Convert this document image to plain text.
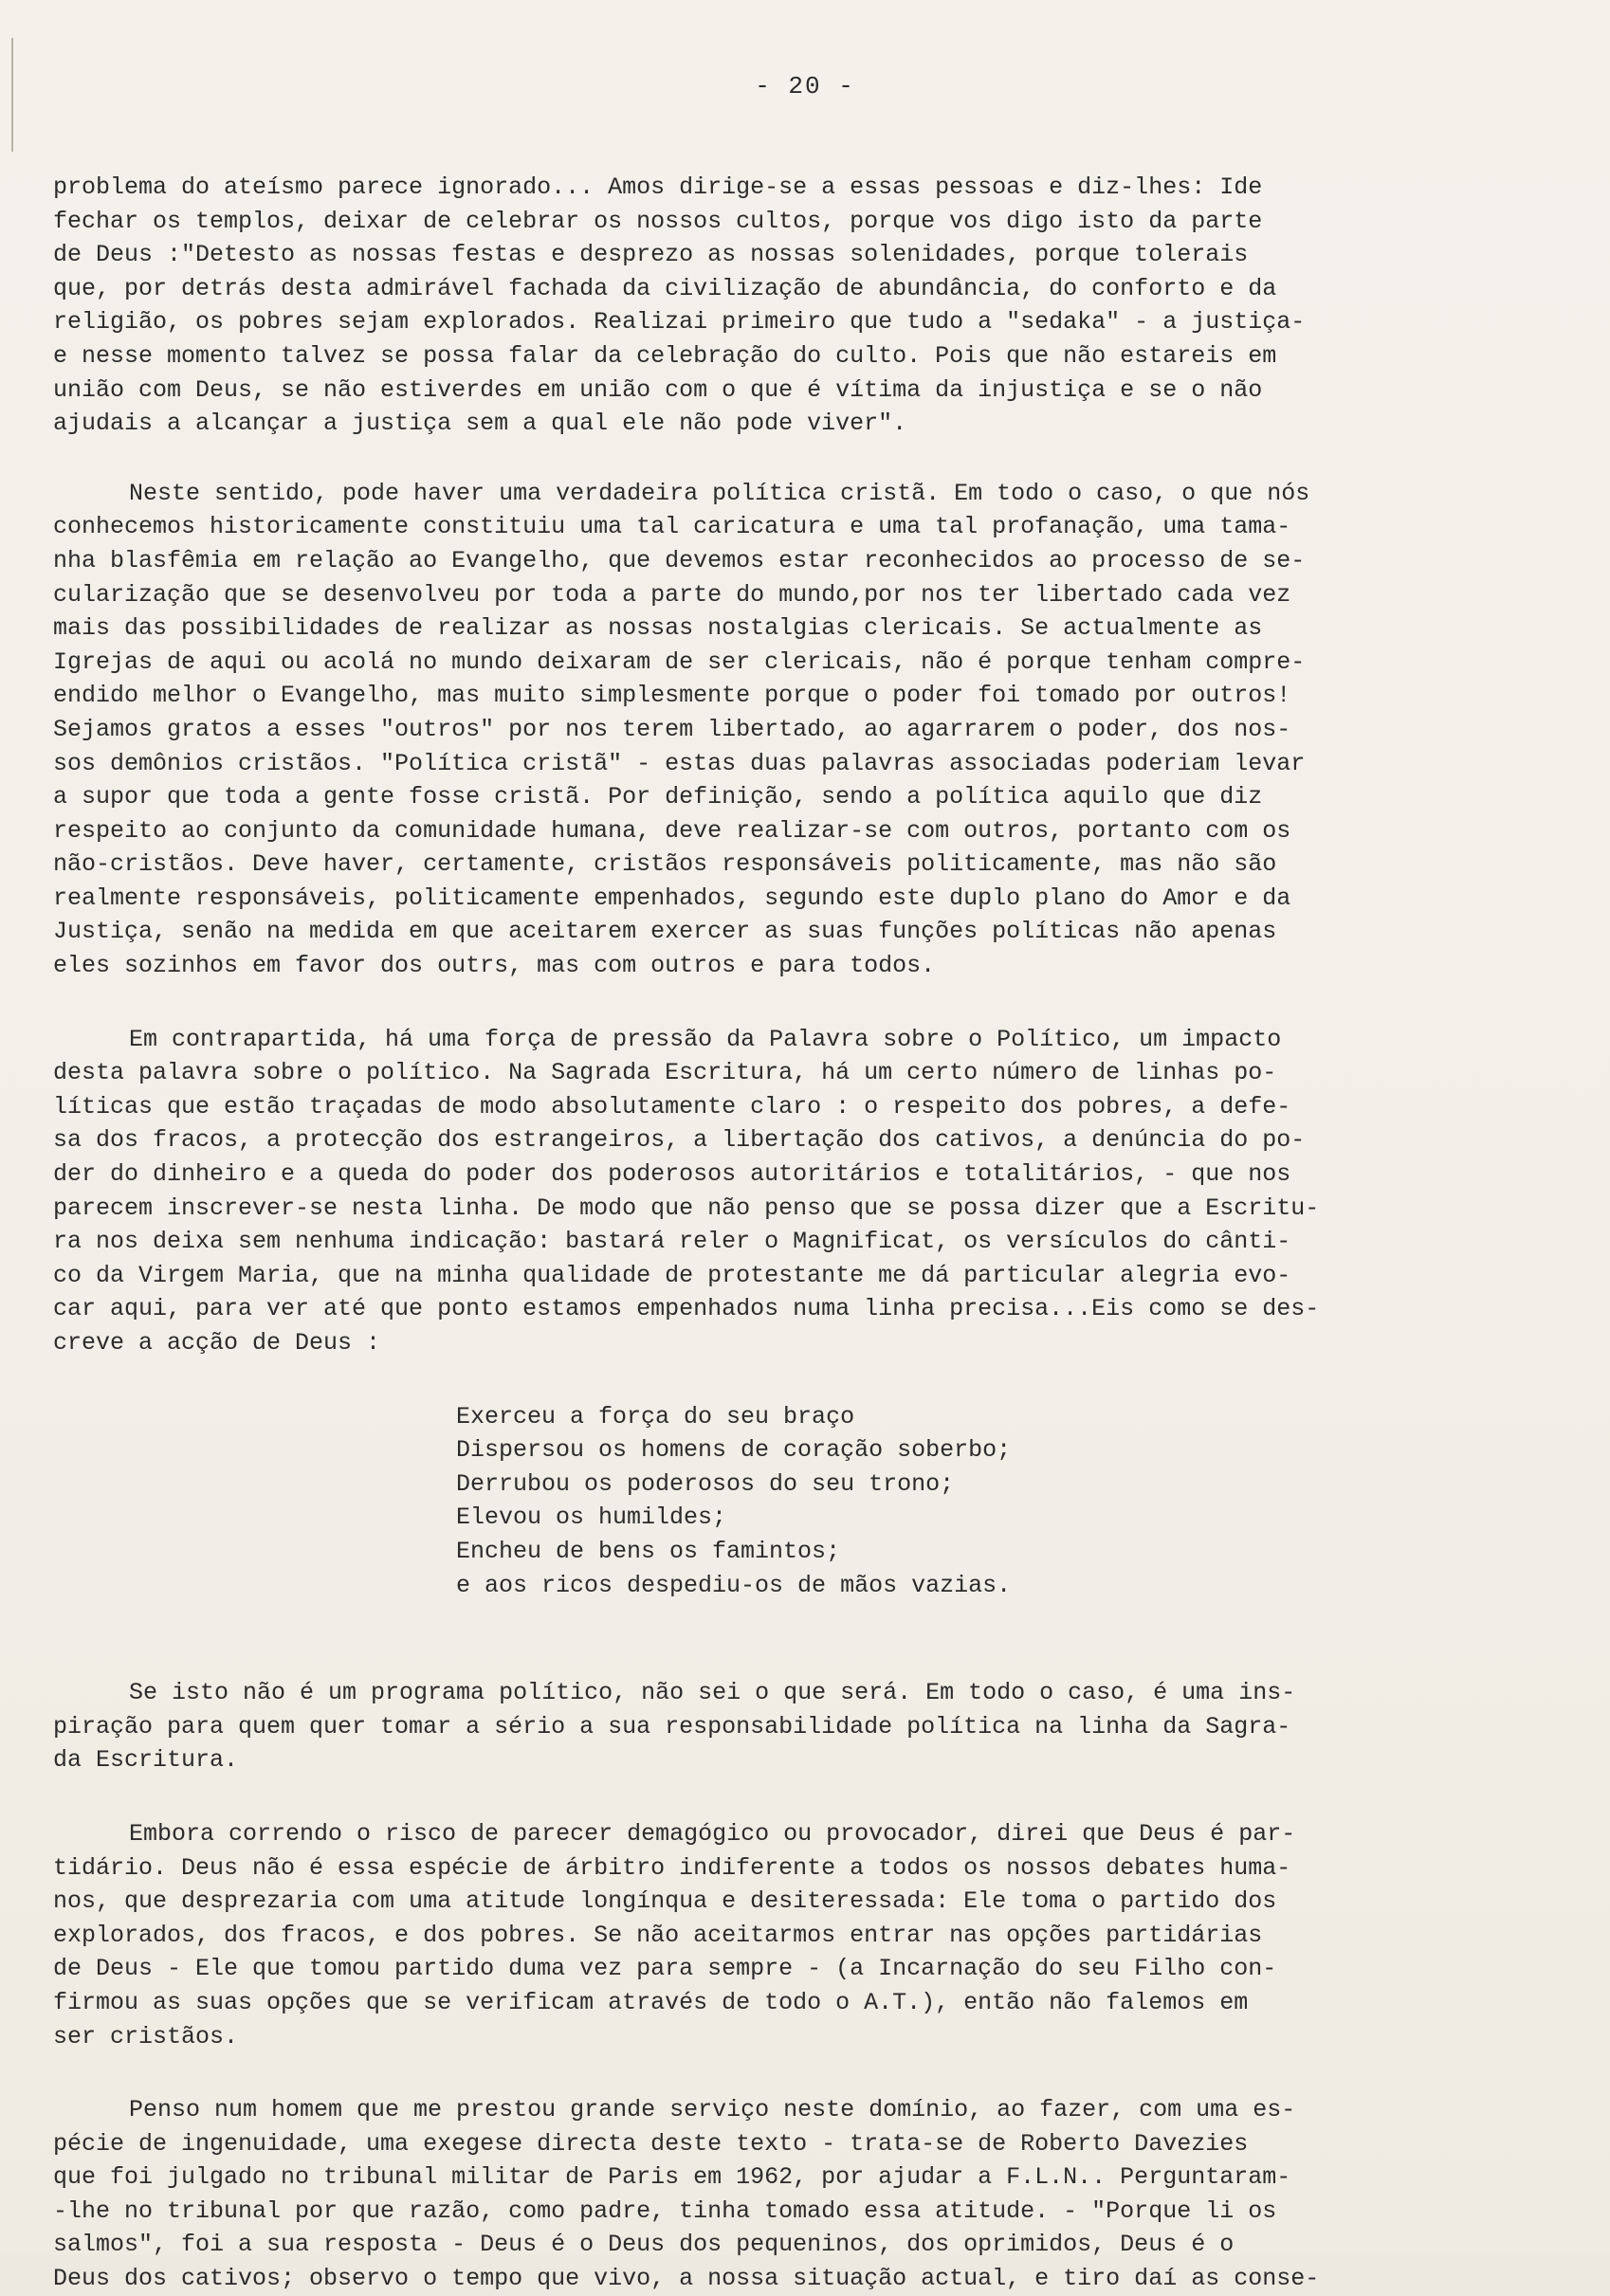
- 20 -
problema do ateísmo parece ignorado... Amos dirige-se a essas pessoas e diz-lhes: Ide
fechar os templos, deixar de celebrar os nossos cultos, porque vos digo isto da parte
de Deus :"Detesto as nossas festas e desprezo as nossas solenidades, porque tolerais
que, por detrás desta admirável fachada da civilização de abundância, do conforto e da
religião, os pobres sejam explorados. Realizai primeiro que tudo a "sedaka" - a justiça-
e nesse momento talvez se possa falar da celebração do culto. Pois que não estareis em
união com Deus, se não estiverdes em união com o que é vítima da injustiça e se o não
ajudais a alcançar a justiça sem a qual ele não pode viver".
Neste sentido, pode haver uma verdadeira política cristã. Em todo o caso, o que nós
conhecemos historicamente constituiu uma tal caricatura e uma tal profanação, uma tama-
nha blasfêmia em relação ao Evangelho, que devemos estar reconhecidos ao processo de se-
cularização que se desenvolveu por toda a parte do mundo,por nos ter libertado cada vez
mais das possibilidades de realizar as nossas nostalgias clericais. Se actualmente as
Igrejas de aqui ou acolá no mundo deixaram de ser clericais, não é porque tenham compre-
endido melhor o Evangelho, mas muito simplesmente porque o poder foi tomado por outros!
Sejamos gratos a esses "outros" por nos terem libertado, ao agarrarem o poder, dos nos-
sos demônios cristãos. "Política cristã" - estas duas palavras associadas poderiam levar
a supor que toda a gente fosse cristã. Por definição, sendo a política aquilo que diz
respeito ao conjunto da comunidade humana, deve realizar-se com outros, portanto com os
não-cristãos. Deve haver, certamente, cristãos responsáveis politicamente, mas não são
realmente responsáveis, politicamente empenhados, segundo este duplo plano do Amor e da
Justiça, senão na medida em que aceitarem exercer as suas funções políticas não apenas
eles sozinhos em favor dos outrs, mas com outros e para todos.
Em contrapartida, há uma força de pressão da Palavra sobre o Político, um impacto
desta palavra sobre o político. Na Sagrada Escritura, há um certo número de linhas po-
líticas que estão traçadas de modo absolutamente claro : o respeito dos pobres, a defe-
sa dos fracos, a protecção dos estrangeiros, a libertação dos cativos, a denúncia do po-
der do dinheiro e a queda do poder dos poderosos autoritários e totalitários, - que nos
parecem inscrever-se nesta linha. De modo que não penso que se possa dizer que a Escritu-
ra nos deixa sem nenhuma indicação: bastará reler o Magnificat, os versículos do cânti-
co da Virgem Maria, que na minha qualidade de protestante me dá particular alegria evo-
car aqui, para ver até que ponto estamos empenhados numa linha precisa...Eis como se des-
creve a acção de Deus :
Exerceu a força do seu braço
Dispersou os homens de coração soberbo;
Derrubou os poderosos do seu trono;
Elevou os humildes;
Encheu de bens os famintos;
e aos ricos despediu-os de mãos vazias.
Se isto não é um programa político, não sei o que será. Em todo o caso, é uma ins-
piração para quem quer tomar a sério a sua responsabilidade política na linha da Sagra-
da Escritura.
Embora correndo o risco de parecer demagógico ou provocador, direi que Deus é par-
tidário. Deus não é essa espécie de árbitro indiferente a todos os nossos debates huma-
nos, que desprezaria com uma atitude longínqua e desiteressada: Ele toma o partido dos
explorados, dos fracos, e dos pobres. Se não aceitarmos entrar nas opções partidárias
de Deus - Ele que tomou partido duma vez para sempre - (a Incarnação do seu Filho con-
firmou as suas opções que se verificam através de todo o A.T.), então não falemos em
ser cristãos.
Penso num homem que me prestou grande serviço neste domínio, ao fazer, com uma es-
pécie de ingenuidade, uma exegese directa deste texto - trata-se de Roberto Davezies
que foi julgado no tribunal militar de Paris em 1962, por ajudar a F.L.N.. Perguntaram-
-lhe no tribunal por que razão, como padre, tinha tomado essa atitude. - "Porque li os
salmos", foi a sua resposta - Deus é o Deus dos pequeninos, dos oprimidos, Deus é o
Deus dos cativos; observo o tempo que vivo, a nossa situação actual, e tiro daí as conse-
